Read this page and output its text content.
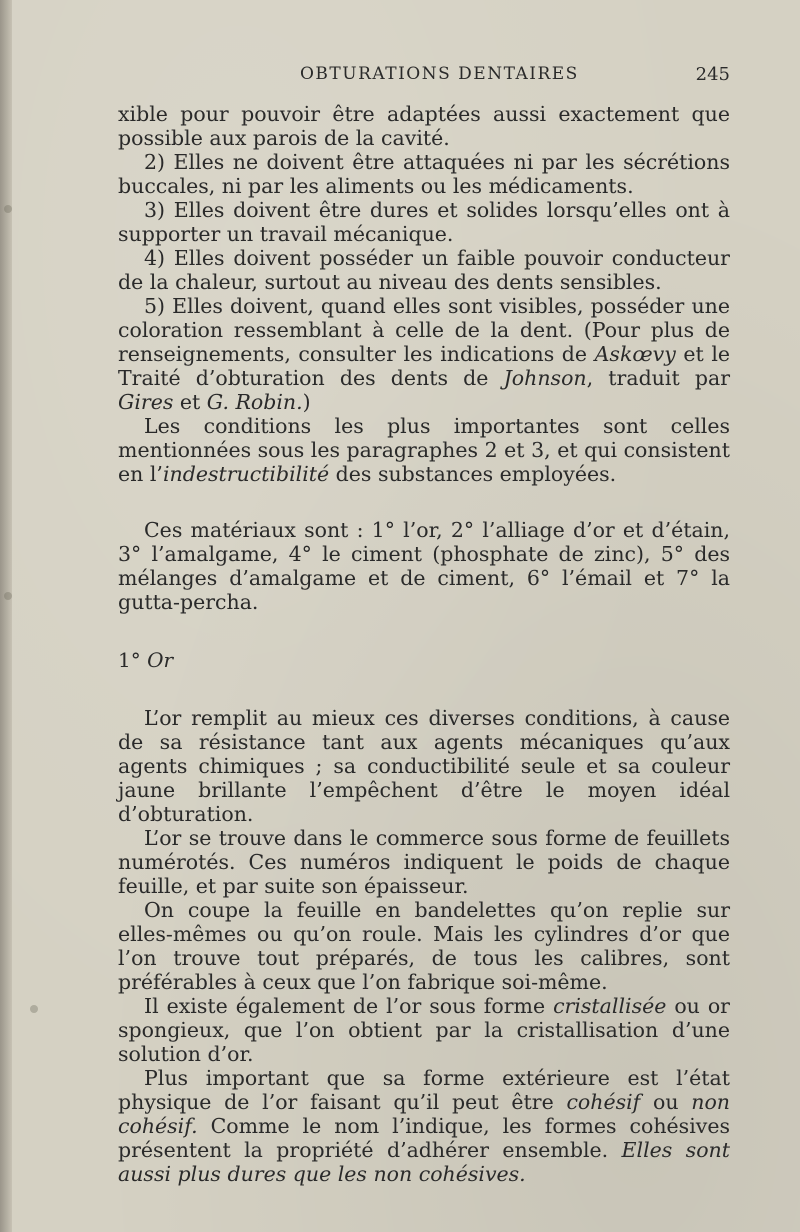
OBTURATIONS DENTAIRES	245

xible pour pouvoir être adaptées aussi exactement que possible aux parois de la cavité.

2) Elles ne doivent être attaquées ni par les sécrétions buccales, ni par les aliments ou les médicaments.

3) Elles doivent être dures et solides lorsqu’elles ont à supporter un travail mécanique.

4) Elles doivent posséder un faible pouvoir conducteur de la chaleur, surtout au niveau des dents sensibles.

5) Elles doivent, quand elles sont visibles, posséder une coloration ressemblant à celle de la dent. (Pour plus de renseignements, consulter les indications de Askœvy et le Traité d’obturation des dents de Johnson, traduit par Gires et G. Robin.)

Les conditions les plus importantes sont celles mentionnées sous les paragraphes 2 et 3, et qui consistent en l’indestructibilité des substances employées.

Ces matériaux sont : 1° l’or, 2° l’alliage d’or et d’étain, 3° l’amalgame, 4° le ciment (phosphate de zinc), 5° des mélanges d’amalgame et de ciment, 6° l’émail et 7° la gutta-percha.

1° Or

L’or remplit au mieux ces diverses conditions, à cause de sa résistance tant aux agents mécaniques qu’aux agents chimiques ; sa conductibilité seule et sa couleur jaune brillante l’empêchent d’être le moyen idéal d’obturation.

L’or se trouve dans le commerce sous forme de feuillets numérotés. Ces numéros indiquent le poids de chaque feuille, et par suite son épaisseur.

On coupe la feuille en bandelettes qu’on replie sur elles-mêmes ou qu’on roule. Mais les cylindres d’or que l’on trouve tout préparés, de tous les calibres, sont préférables à ceux que l’on fabrique soi-même.

Il existe également de l’or sous forme cristallisée ou or spongieux, que l’on obtient par la cristallisation d’une solution d’or.

Plus important que sa forme extérieure est l’état physique de l’or faisant qu’il peut être cohésif ou non cohésif. Comme le nom l’indique, les formes cohésives présentent la propriété d’adhérer ensemble. Elles sont aussi plus dures que les non cohésives.
